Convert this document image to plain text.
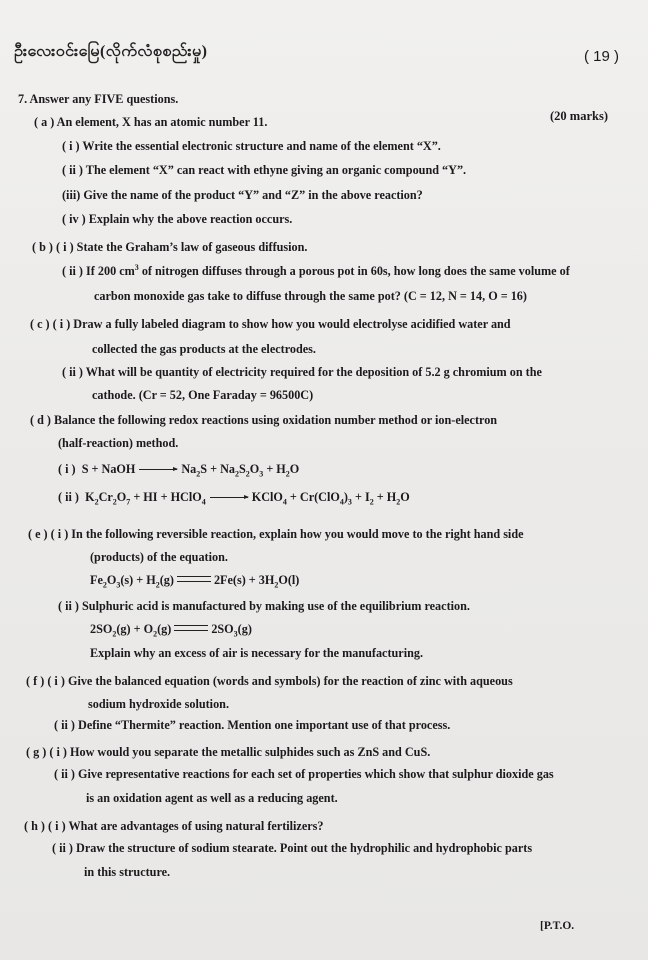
ဦးလေးဝင်းမြေ(လိုက်လံစုစည်းမှု)	( 19 )
7. Answer any FIVE questions.
(20 marks)
( a ) An element, X has an atomic number 11.
( i ) Write the essential electronic structure and name of the element “X”.
( ii ) The element “X” can react with ethyne giving an organic compound “Y”.
(iii) Give the name of the product “Y” and “Z” in the above reaction?
( iv ) Explain why the above reaction occurs.
( b ) ( i ) State the Graham’s law of gaseous diffusion.
( ii ) If 200 $cm^3$ of nitrogen diffuses through a porous pot in 60s, how long does the same volume of
carbon monoxide gas take to diffuse through the same pot? (C = 12, N = 14, O = 16)
( c ) ( i ) Draw a fully labeled diagram to show how you would electrolyse acidified water and
collected the gas products at the electrodes.
( ii ) What will be quantity of electricity required for the deposition of 5.2 g chromium on the
cathode. (Cr = 52, One Faraday = 96500C)
( d ) Balance the following redox reactions using oxidation number method or ion-electron
(half-reaction) method.
( i )  S + NaOH	$Na_2S + Na_2S_2O_3 + H_2O$
( ii )  $K_2Cr_2O_7$ + HI + HClO$_4$	KClO$_4$ + $Cr(ClO_4)_3 + I_2 + H_2O$
( e ) ( i ) In the following reversible reaction, explain how you would move to the right hand side
(products) of the equation.
$Fe_2O_3(s) + H_2(g)$	$2Fe(s) + 3H_2O(l)$
( ii ) Sulphuric acid is manufactured by making use of the equilibrium reaction.
$2SO_2(g) + O_2(g)$	$2SO_3(g)$
Explain why an excess of air is necessary for the manufacturing.
( f ) ( i ) Give the balanced equation (words and symbols) for the reaction of zinc with aqueous
sodium hydroxide solution.
( ii ) Define “Thermite” reaction. Mention one important use of that process.
( g ) ( i ) How would you separate the metallic sulphides such as ZnS and CuS.
( ii ) Give representative reactions for each set of properties which show that sulphur dioxide gas
is an oxidation agent as well as a reducing agent.
( h ) ( i ) What are advantages of using natural fertilizers?
( ii ) Draw the structure of sodium stearate. Point out the hydrophilic and hydrophobic parts
in this structure.
[P.T.O.
